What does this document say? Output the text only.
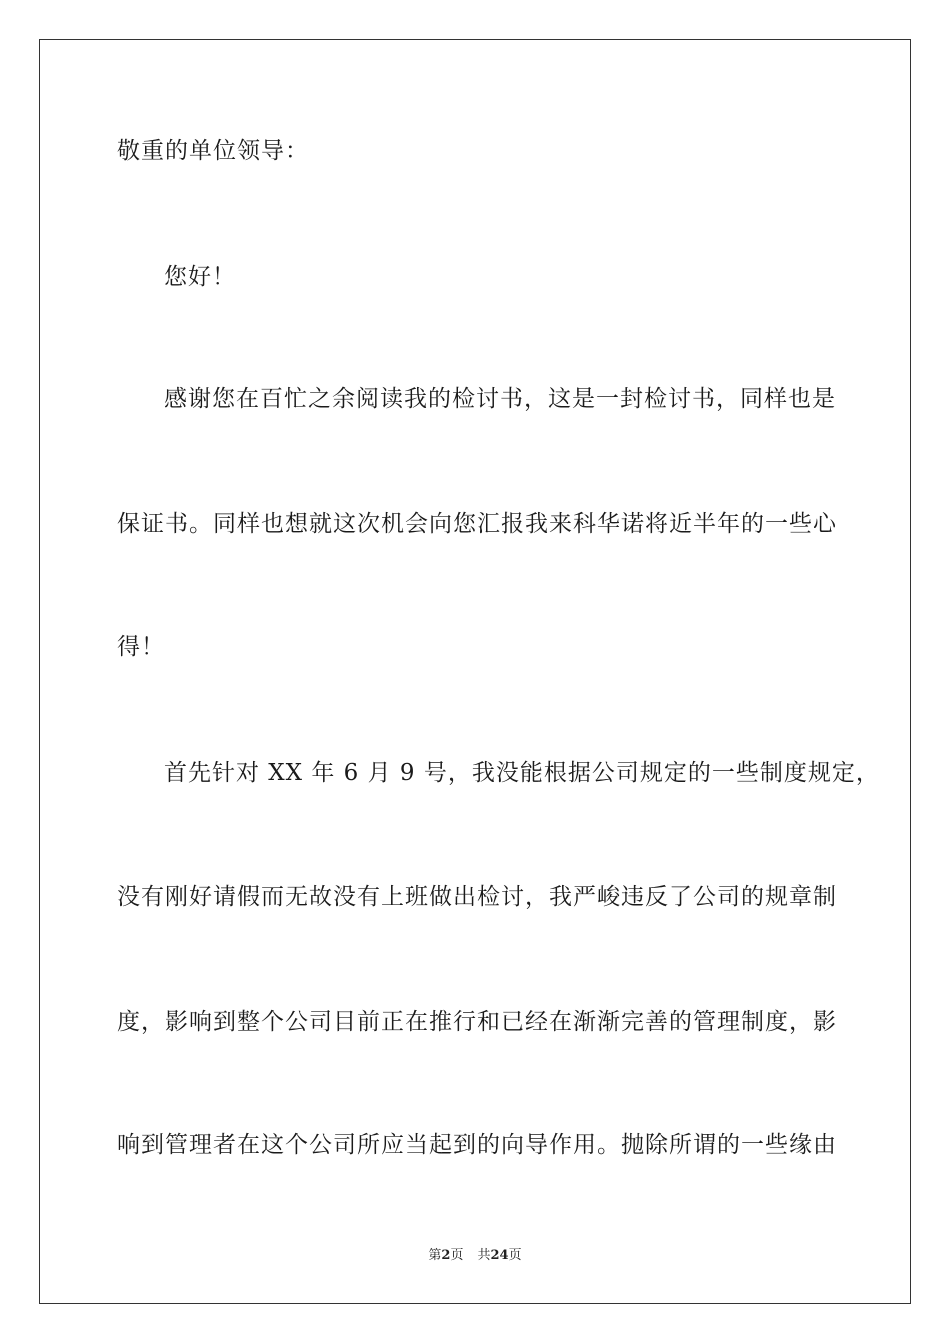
敬重的单位领导：
您好！
感谢您在百忙之余阅读我的检讨书，这是一封检讨书，同样也是
保证书。同样也想就这次机会向您汇报我来科华诺将近半年的一些心
得！
首先针对 XX 年 6 月 9 号，我没能根据公司规定的一些制度规定，
没有刚好请假而无故没有上班做出检讨，我严峻违反了公司的规章制
度，影响到整个公司目前正在推行和已经在渐渐完善的管理制度，影
响到管理者在这个公司所应当起到的向导作用。抛除所谓的一些缘由
第2页 共24页
